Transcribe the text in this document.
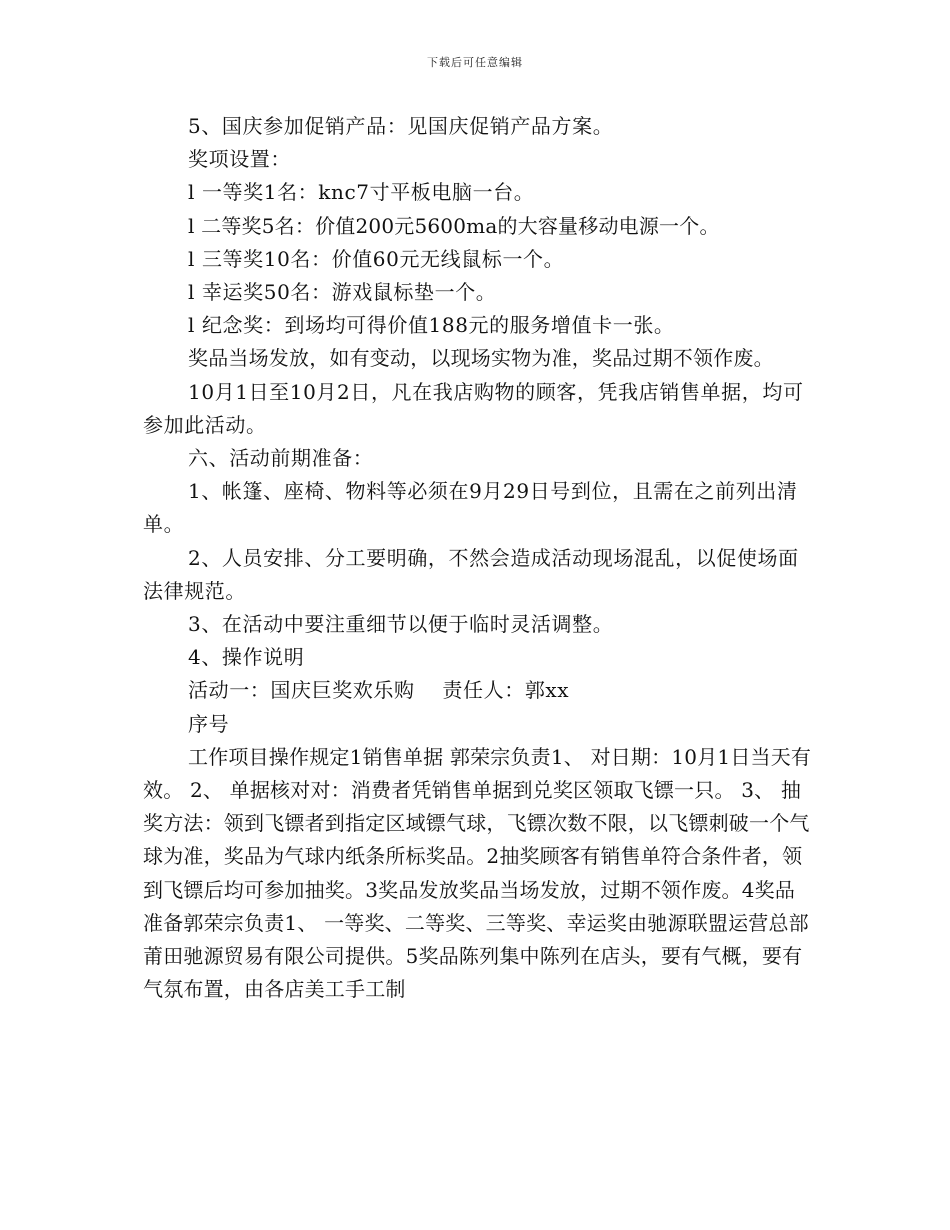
下载后可任意编辑

5、国庆参加促销产品：见国庆促销产品方案。

奖项设置：

l 一等奖1名：knc7寸平板电脑一台。

l 二等奖5名：价值200元5600ma的大容量移动电源一个。

l 三等奖10名：价值60元无线鼠标一个。

l 幸运奖50名：游戏鼠标垫一个。

l 纪念奖：到场均可得价值188元的服务增值卡一张。

奖品当场发放，如有变动，以现场实物为准，奖品过期不领作废。

10月1日至10月2日，凡在我店购物的顾客，凭我店销售单据，均可参加此活动。

六、活动前期准备：

1、帐篷、座椅、物料等必须在9月29日号到位，且需在之前列出清单。

2、人员安排、分工要明确，不然会造成活动现场混乱，以促使场面法律规范。

3、在活动中要注重细节以便于临时灵活调整。

4、操作说明

活动一：国庆巨奖欢乐购    责任人：郭xx

序号

工作项目操作规定1销售单据 郭荣宗负责1、 对日期：10月1日当天有效。 2、 单据核对对：消费者凭销售单据到兑奖区领取飞镖一只。 3、 抽奖方法：领到飞镖者到指定区域镖气球，飞镖次数不限，以飞镖刺破一个气球为准，奖品为气球内纸条所标奖品。2抽奖顾客有销售单符合条件者，领到飞镖后均可参加抽奖。3奖品发放奖品当场发放，过期不领作废。4奖品准备郭荣宗负责1、 一等奖、二等奖、三等奖、幸运奖由驰源联盟运营总部莆田驰源贸易有限公司提供。5奖品陈列集中陈列在店头，要有气概，要有气氛布置，由各店美工手工制
